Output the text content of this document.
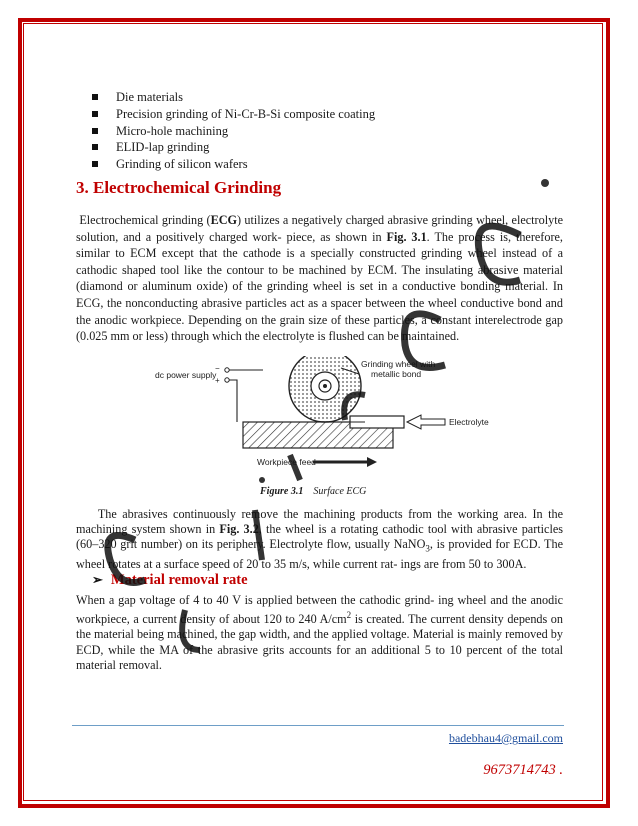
Die materials
Precision grinding of Ni-Cr-B-Si composite coating
Micro-hole machining
ELID-lap grinding
Grinding of silicon wafers
3. Electrochemical Grinding

Electrochemical grinding (ECG) utilizes a negatively charged abrasive grinding wheel, electrolyte solution, and a positively charged work- piece, as shown in Fig. 3.1. The process is, therefore, similar to ECM except that the cathode is a specially constructed grinding wheel instead of a cathodic shaped tool like the contour to be machined by ECM. The insulating abrasive material (diamond or aluminum oxide) of the grinding wheel is set in a conductive bonding material. In ECG, the nonconducting abrasive particles act as a spacer between the wheel conductive bond and the anodic workpiece. Depending on the grain size of these particles, a constant interelectrode gap (0.025 mm or less) through which the electrolyte is flushed can be maintained.

dc power supply
−
+
Grinding wheel with
metallic bond
Electrolyte
Workpiece feed
Figure 3.1 Surface ECG

The abrasives continuously remove the machining products from the working area. In the machining system shown in Fig. 3.2, the wheel is a rotating cathodic tool with abrasive particles (60–320 grit number) on its periphery. Electrolyte flow, usually NaNO$_3$, is provided for ECD. The wheel rotates at a surface speed of 20 to 35 m/s, while current rat- ings are from 50 to 300A.

➢ Material removal rate

When a gap voltage of 4 to 40 V is applied between the cathodic grind- ing wheel and the anodic workpiece, a current density of about 120 to 240 $A/cm^2$ is created. The current density depends on the material being machined, the gap width, and the applied voltage. Material is mainly removed by ECD, while the MA of the abrasive grits accounts for an additional 5 to 10 percent of the total material removal.

badebhau4@gmail.com
9673714743 .
